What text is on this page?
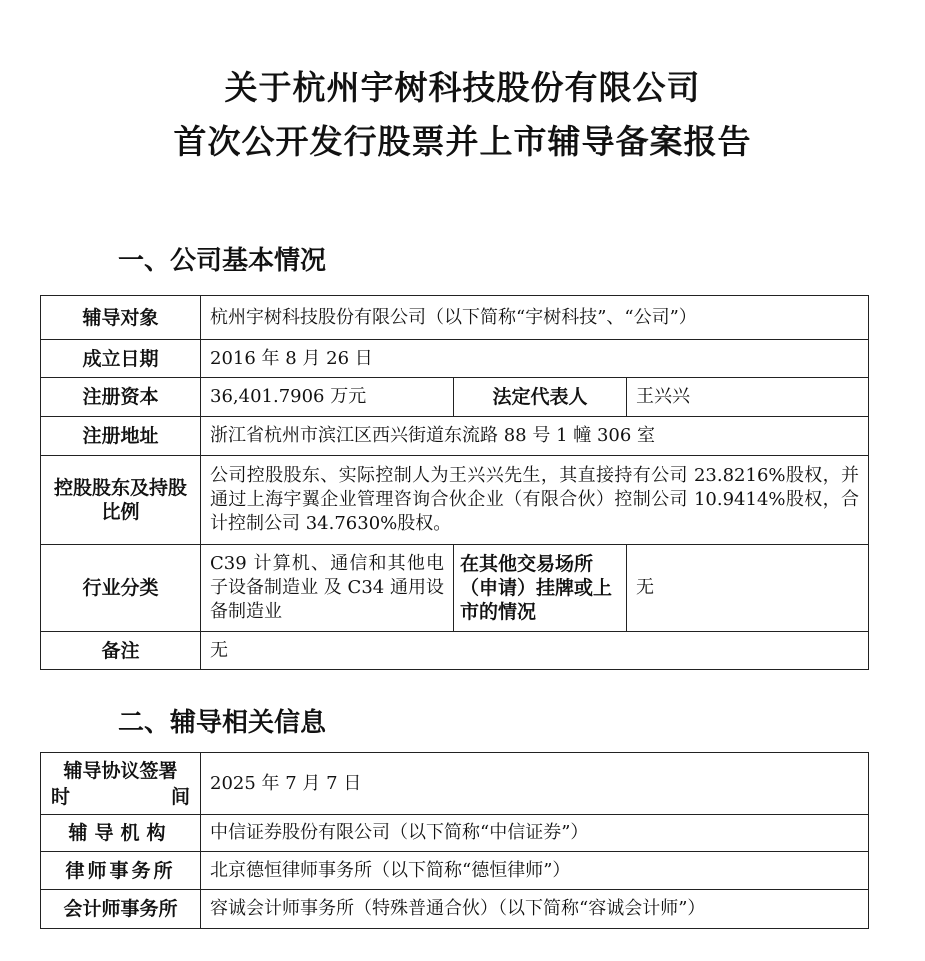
关于杭州宇树科技股份有限公司
首次公开发行股票并上市辅导备案报告
一、公司基本情况
辅导对象	杭州宇树科技股份有限公司（以下简称“宇树科技”、“公司”）		
成立日期	2016 年 8 月 26 日		
注册资本	36,401.7906 万元	法定代表人	王兴兴
注册地址	浙江省杭州市滨江区西兴街道东流路 88 号 1 幢 306 室		
控股股东及持股比例	公司控股股东、实际控制人为王兴兴先生，其直接持有公司 23.8216%股权，并通过上海宇翼企业管理咨询合伙企业（有限合伙）控制公司 10.9414%股权，合计控制公司 34.7630%股权。		
行业分类	C39 计算机、通信和其他电子设备制造业 及 C34 通用设备制造业	在其他交易场所（申请）挂牌或上市的情况	无
备注	无		
二、辅导相关信息
辅导协议签署
时 间	2025 年 7 月 7 日
辅导机构	中信证券股份有限公司（以下简称“中信证券”）
律师事务所	北京德恒律师事务所（以下简称“德恒律师”）
会计师事务所	容诚会计师事务所（特殊普通合伙）（以下简称“容诚会计师”）
